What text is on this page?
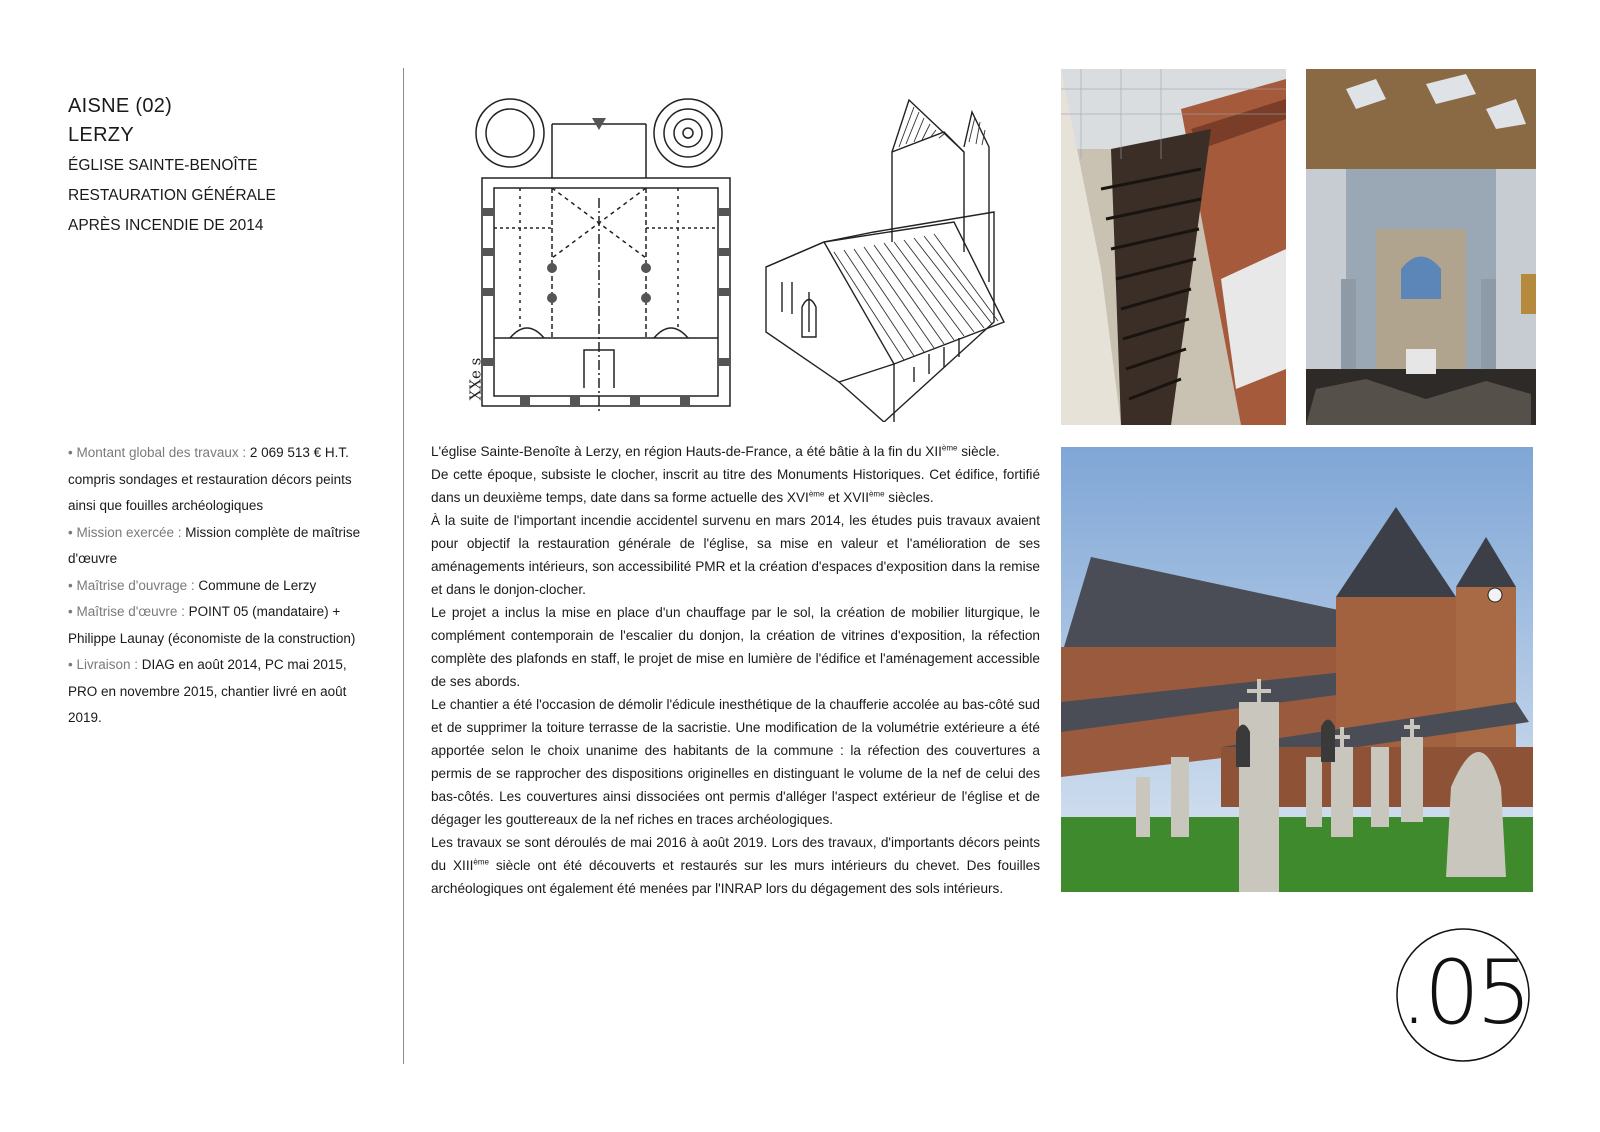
AISNE (02)
LERZY
ÉGLISE SAINTE-BENOÎTE
RESTAURATION GÉNÉRALE
APRÈS INCENDIE DE 2014
• Montant global des travaux : 2 069 513 € H.T. compris sondages et restauration décors peints ainsi que fouilles archéologiques
• Mission exercée : Mission complète de maîtrise d'œuvre
• Maîtrise d'ouvrage : Commune de Lerzy
• Maîtrise d'œuvre : POINT 05 (mandataire) + Philippe Launay (économiste de la construction)
• Livraison : DIAG en août 2014, PC mai 2015, PRO en novembre 2015, chantier livré en août 2019.
XXe s

L'église Sainte-Benoîte à Lerzy, en région Hauts-de-France, a été bâtie à la fin du XIIème siècle.

De cette époque, subsiste le clocher, inscrit au titre des Monuments Historiques. Cet édifice, fortifié dans un deuxième temps, date dans sa forme actuelle des XVIème et XVIIème siècles.

À la suite de l'important incendie accidentel survenu en mars 2014, les études puis travaux avaient pour objectif la restauration générale de l'église, sa mise en valeur et l'amélioration de ses aménagements intérieurs, son accessibilité PMR et la création d'espaces d'exposition dans la remise et dans le donjon-clocher.

Le projet a inclus la mise en place d'un chauffage par le sol, la création de mobilier liturgique, le complément contemporain de l'escalier du donjon, la création de vitrines d'exposition, la réfection complète des plafonds en staff, le projet de mise en lumière de l'édifice et l'aménagement accessible de ses abords.

Le chantier a été l'occasion de démolir l'édicule inesthétique de la chaufferie accolée au bas-côté sud et de supprimer la toiture terrasse de la sacristie. Une modification de la volumétrie extérieure a été apportée selon le choix unanime des habitants de la commune : la réfection des couvertures a permis de se rapprocher des dispositions originelles en distinguant le volume de la nef de celui des bas-côtés. Les couvertures ainsi dissociées ont permis d'alléger l'aspect extérieur de l'église et de dégager les gouttereaux de la nef riches en traces archéologiques.

Les travaux se sont déroulés de mai 2016 à août 2019. Lors des travaux, d'importants décors peints du XIIIème siècle ont été découverts et restaurés sur les murs intérieurs du chevet. Des fouilles archéologiques ont également été menées par l'INRAP lors du dégagement des sols intérieurs.

.05
